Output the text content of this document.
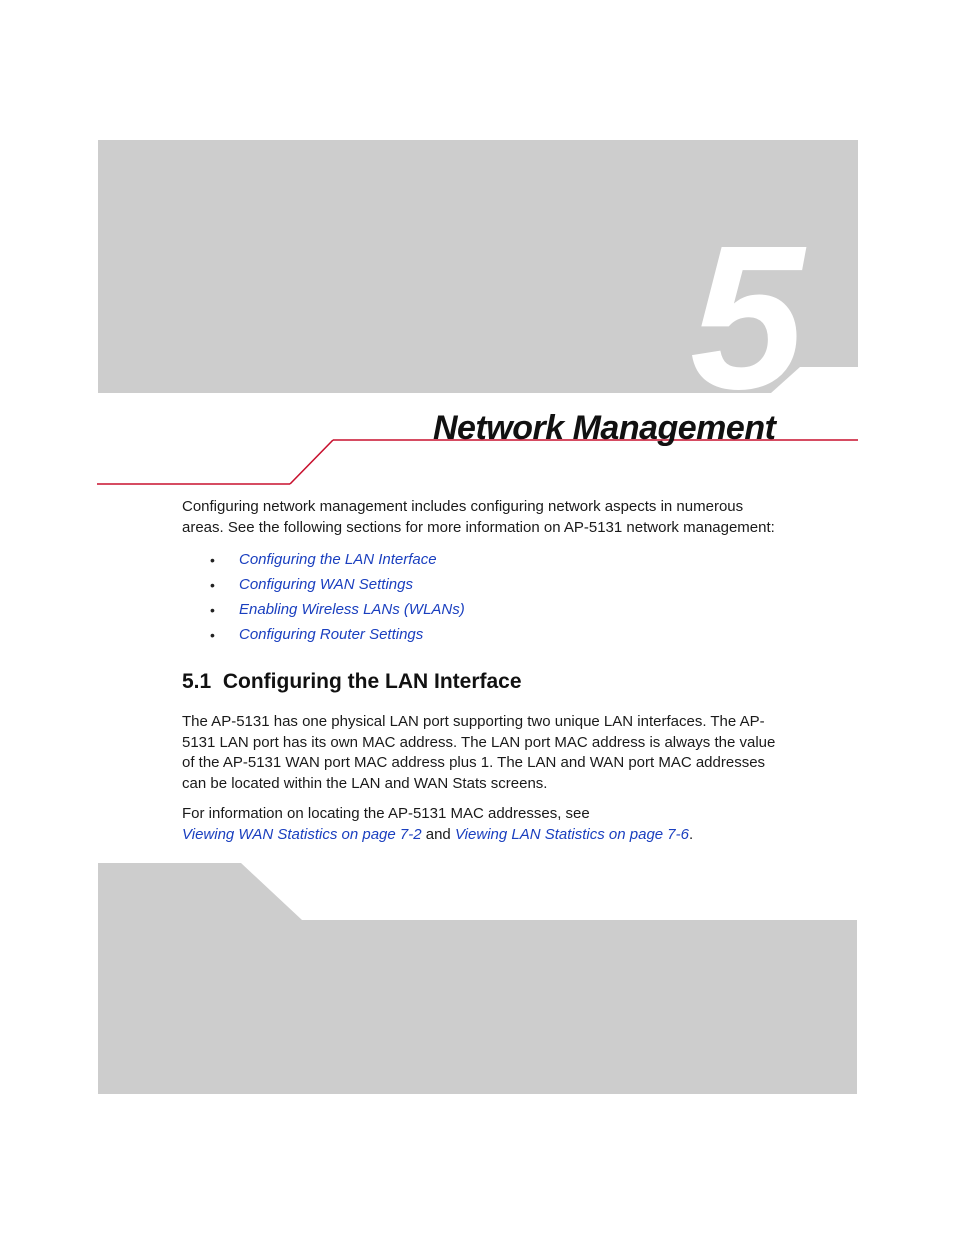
5
Network Management
Configuring network management includes configuring network aspects in numerous areas. See the following sections for more information on AP-5131 network management:
•	Configuring the LAN Interface
•	Configuring WAN Settings
•	Enabling Wireless LANs (WLANs)
•	Configuring Router Settings
5.1  Configuring the LAN Interface
The AP-5131 has one physical LAN port supporting two unique LAN interfaces. The AP-5131 LAN port has its own MAC address. The LAN port MAC address is always the value of the AP-5131 WAN port MAC address plus 1. The LAN and WAN port MAC addresses can be located within the LAN and WAN Stats screens.
For information on locating the AP-5131 MAC addresses, see
Viewing WAN Statistics on page 7-2 and Viewing LAN Statistics on page 7-6.
